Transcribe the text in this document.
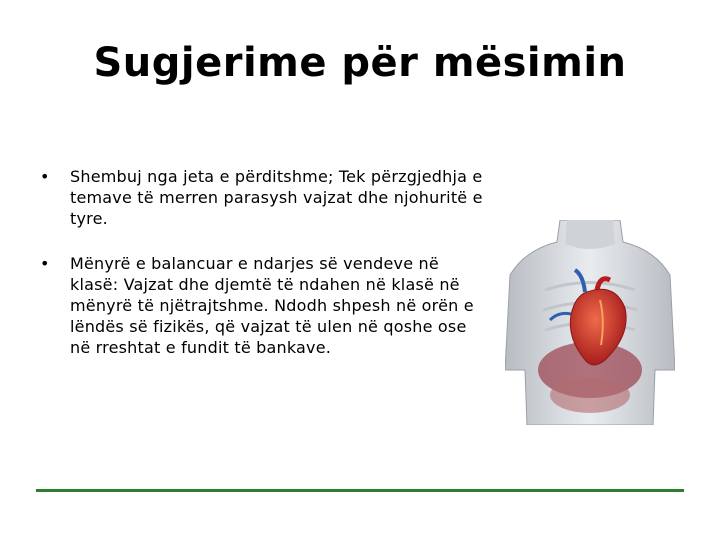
Sugjerime për mësimin
•	Shembuj nga jeta e përditshme; Tek përzgjedhja e temave të merren parasysh vajzat dhe njohuritë e tyre.
•	Mënyrë e balancuar e ndarjes së vendeve në klasë: Vajzat dhe djemtë të ndahen në klasë në mënyrë të njëtrajtshme. Ndodh shpesh në orën e lëndës së fizikës, që vajzat të ulen në qoshe ose në rreshtat e fundit të bankave.
